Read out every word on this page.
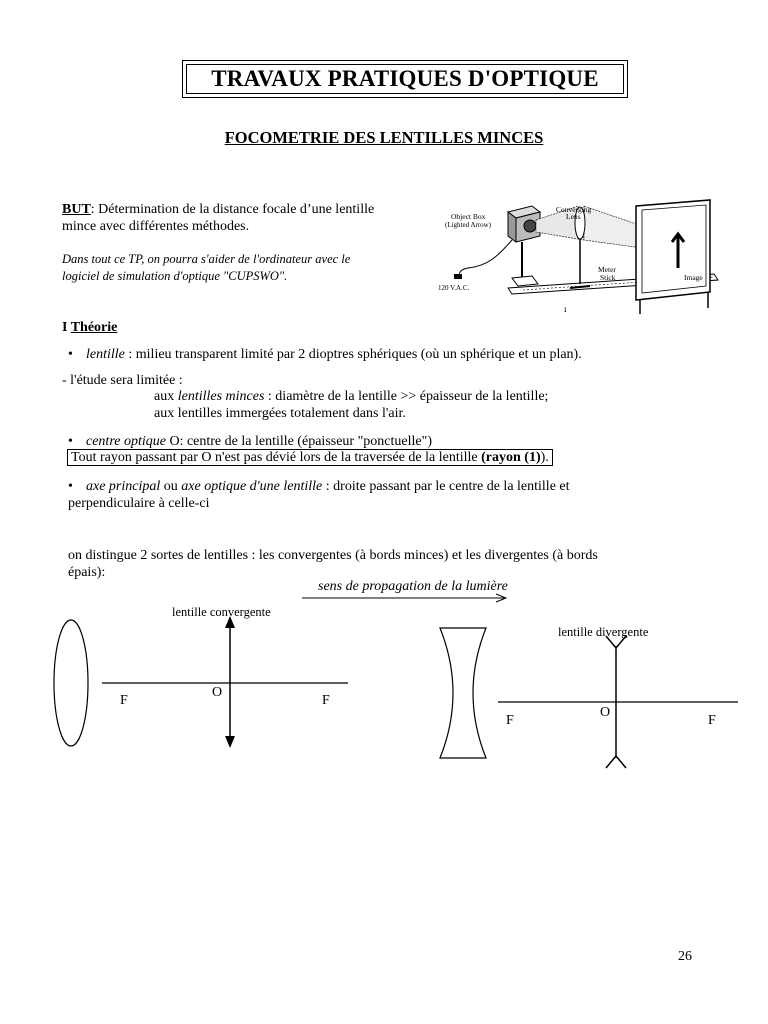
TRAVAUX PRATIQUES D'OPTIQUE
FOCOMETRIE DES LENTILLES MINCES
BUT: Détermination de la distance focale d’une lentille
mince avec différentes méthodes.
Dans tout ce TP, on pourra s'aider de l'ordinateur avec le
logiciel de simulation d'optique "CUPSWO".
Object Box
(Lighted Arrow)
Converging
Lens
Meter
Stick	Image
120 V.A.C.
ı
I Théorie
• lentille : milieu transparent limité par 2 dioptres sphériques (où un sphérique et un plan).
- l'étude sera limitée :
aux lentilles minces : diamètre de la lentille >> épaisseur de la lentille;
aux lentilles immergées totalement dans l'air.
• centre optique O: centre de la lentille (épaisseur "ponctuelle")
Tout rayon passant par O n'est pas dévié lors de la traversée de la lentille (rayon (1)).
• axe principal ou axe optique d'une lentille : droite passant par le centre de la lentille et
perpendiculaire à celle-ci
on distingue 2 sortes de lentilles : les convergentes (à bords minces) et les divergentes (à bords
épais):
sens de propagation de la lumière
lentille convergente
F
O
F
lentille divergente
F
O
F
26
